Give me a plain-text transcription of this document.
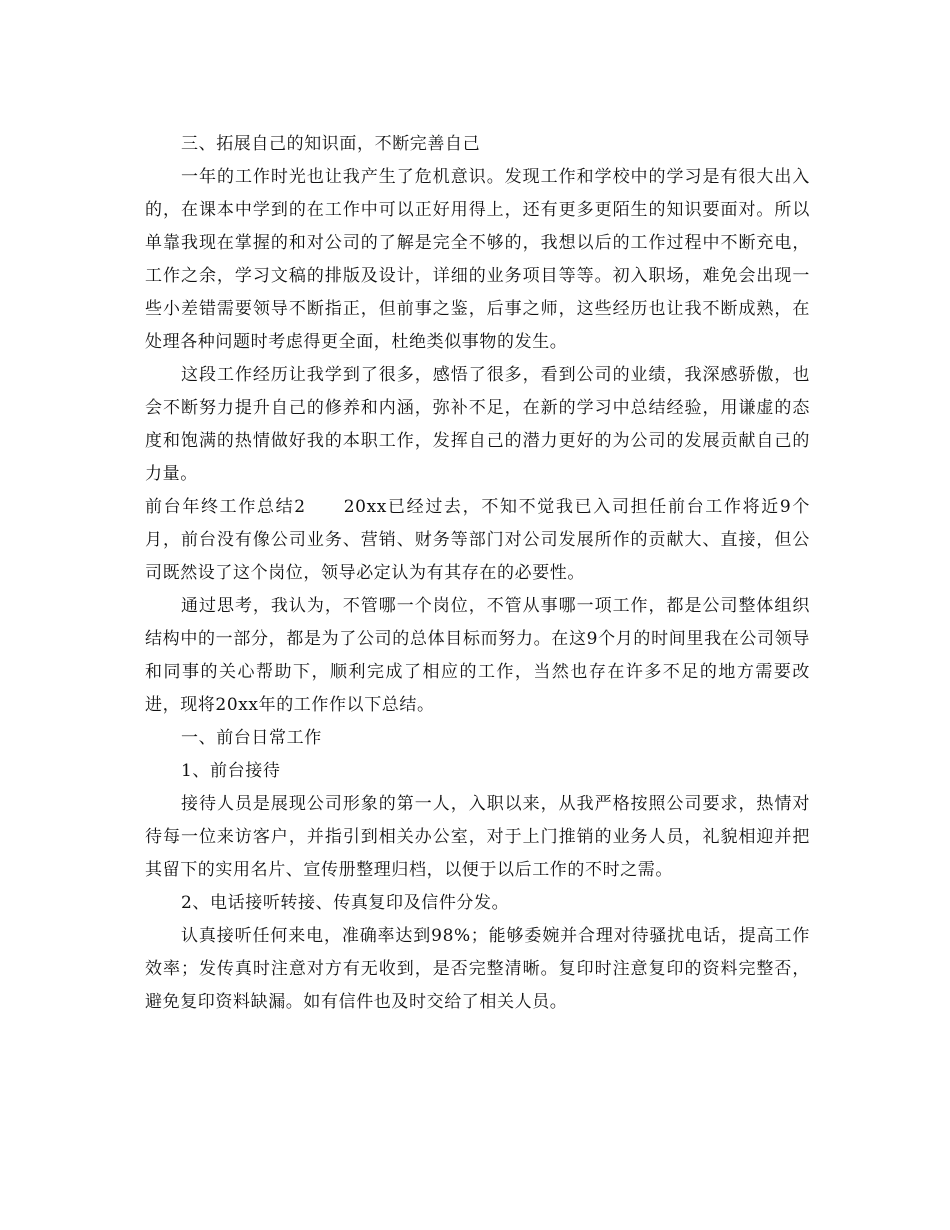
三、拓展自己的知识面，不断完善自己

一年的工作时光也让我产生了危机意识。发现工作和学校中的学习是有很大出入的，在课本中学到的在工作中可以正好用得上，还有更多更陌生的知识要面对。所以单靠我现在掌握的和对公司的了解是完全不够的，我想以后的工作过程中不断充电，工作之余，学习文稿的排版及设计，详细的业务项目等等。初入职场，难免会出现一些小差错需要领导不断指正，但前事之鉴，后事之师，这些经历也让我不断成熟，在处理各种问题时考虑得更全面，杜绝类似事物的发生。

这段工作经历让我学到了很多，感悟了很多，看到公司的业绩，我深感骄傲，也会不断努力提升自己的修养和内涵，弥补不足，在新的学习中总结经验，用谦虚的态度和饱满的热情做好我的本职工作，发挥自己的潜力更好的为公司的发展贡献自己的力量。

前台年终工作总结2 20xx已经过去，不知不觉我已入司担任前台工作将近9个月，前台没有像公司业务、营销、财务等部门对公司发展所作的贡献大、直接，但公司既然设了这个岗位，领导必定认为有其存在的必要性。

通过思考，我认为，不管哪一个岗位，不管从事哪一项工作，都是公司整体组织结构中的一部分，都是为了公司的总体目标而努力。在这9个月的时间里我在公司领导和同事的关心帮助下，顺利完成了相应的工作，当然也存在许多不足的地方需要改进，现将20xx年的工作作以下总结。

一、前台日常工作

1、前台接待

接待人员是展现公司形象的第一人，入职以来，从我严格按照公司要求，热情对待每一位来访客户，并指引到相关办公室，对于上门推销的业务人员，礼貌相迎并把其留下的实用名片、宣传册整理归档，以便于以后工作的不时之需。

2、电话接听转接、传真复印及信件分发。

认真接听任何来电，准确率达到98%；能够委婉并合理对待骚扰电话，提高工作效率；发传真时注意对方有无收到，是否完整清晰。复印时注意复印的资料完整否，避免复印资料缺漏。如有信件也及时交给了相关人员。
